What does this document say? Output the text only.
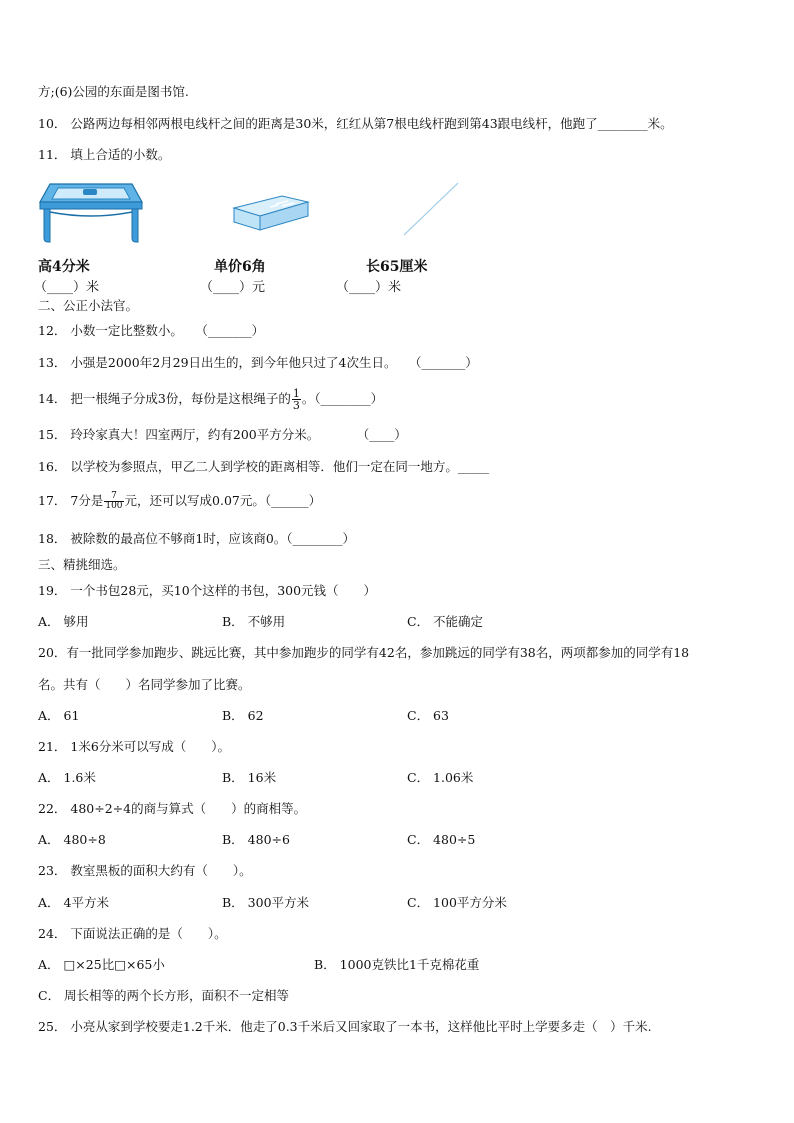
方;(6)公园的东面是图书馆.
10． 公路两边每相邻两根电线杆之间的距离是30米，红红从第7根电线杆跑到第43跟电线杆，他跑了________米。
11． 填上合适的小数。
高4分米	单价6角	长65厘米
（____）米	（____）元	（____）米
二、公正小法官。
12． 小数一定比整数小。　　（_______）
13． 小强是2000年2月29日出生的，到今年他只过了4次生日。　　（_______）
14． 把一根绳子分成3份，每份是这根绳子的 $\frac{1}{3}$ 。（________）
15． 玲玲家真大！四室两厅，约有200平方分米。　　　　（____）
16． 以学校为参照点，甲乙二人到学校的距离相等．他们一定在同一地方。_____
17． 7分是 $\frac{7}{100}$ 元，还可以写成0.07元。（______）
18． 被除数的最高位不够商1时，应该商0。（________）
三、精挑细选。
19． 一个书包28元，买10个这样的书包，300元钱（　　）
A． 够用	B． 不够用	C． 不能确定
20．有一批同学参加跑步、跳远比赛，其中参加跑步的同学有42名，参加跳远的同学有38名，两项都参加的同学有18
名。共有（　　）名同学参加了比赛。
A． 61	B． 62	C． 63
21． 1米6分米可以写成（　　）。
A． 1.6米	B． 16米	C． 1.06米
22． 480÷2÷4的商与算式（　　）的商相等。
A． 480÷8	B． 480÷6	C． 480÷5
23． 教室黑板的面积大约有（　　）。
A． 4平方米	B． 300平方米	C． 100平方分米
24． 下面说法正确的是（　　）。
A． □×25比□×65小	B． 1000克铁比1千克棉花重
C． 周长相等的两个长方形，面积不一定相等
25． 小亮从家到学校要走1.2千米．他走了0.3千米后又回家取了一本书，这样他比平时上学要多走（　）千米.
